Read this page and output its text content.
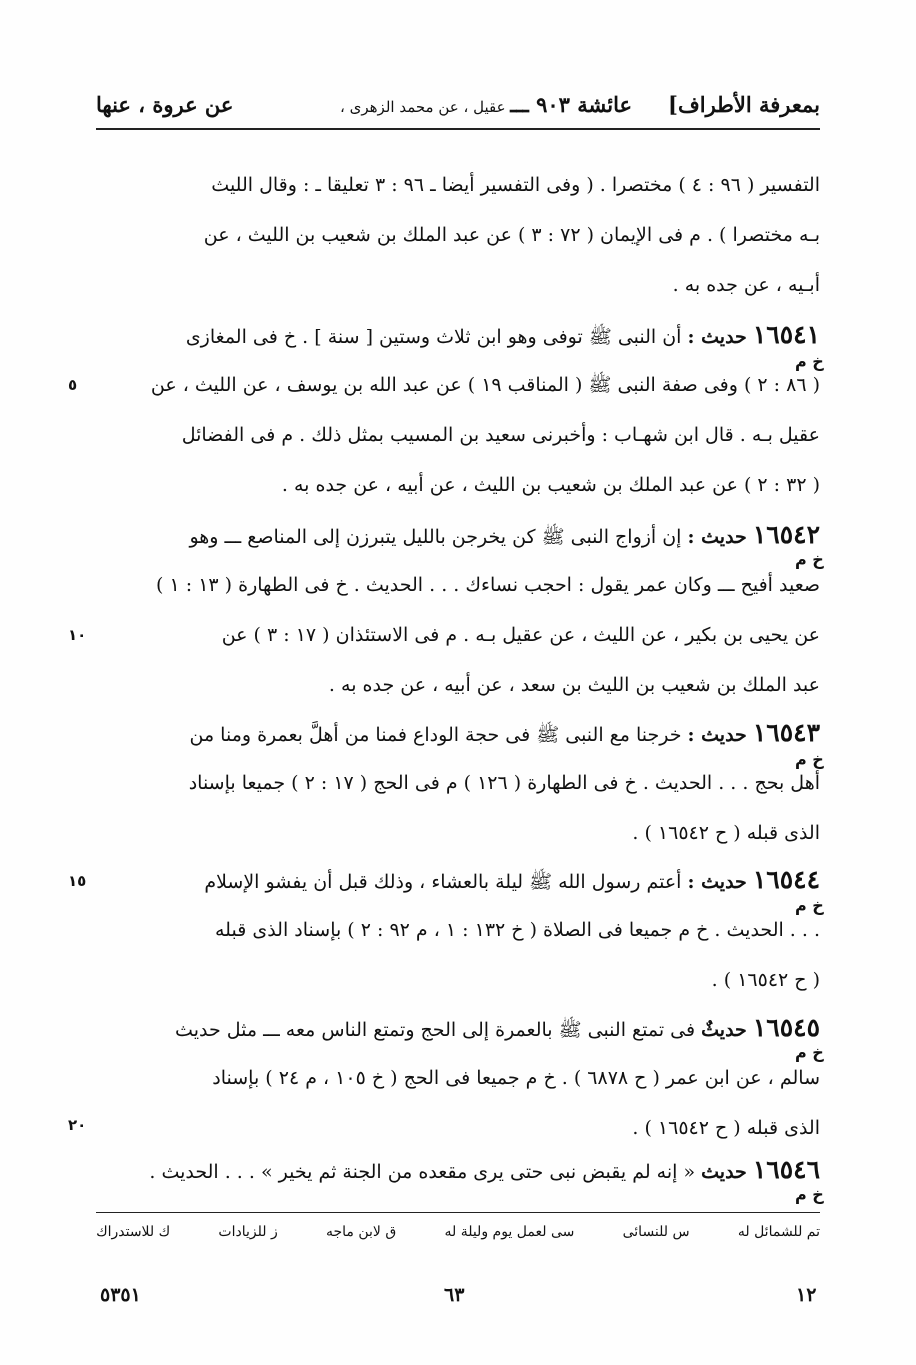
بمعرفة الأطراف]
عائشة ٩٠٣ ـــ عقيل ، عن محمد الزهرى ،
عن عروة ، عنها
التفسير ( ٩٦ : ٤ ) مختصرا . ( وفى التفسير أيضا ـ ٩٦ : ٣ تعليقا ـ : وقال الليث
بـه مختصرا ) . م فى الإيمان ( ٧٢ : ٣ ) عن عبد الملك بن شعيب بن الليث ، عن
أبـيه ، عن جده به .
١٦٥٤١ حديث : أن النبى ﷺ توفى وهو ابن ثلاث وستين [ سنة ] . خ فى المغازى
( ٨٦ : ٢ ) وفى صفة النبى ﷺ ( المناقب ١٩ ) عن عبد الله بن يوسف ، عن الليث ، عن
عقيل بـه . قال ابن شهـاب : وأخبرنى سعيد بن المسيب بمثل ذلك . م فى الفضائل
( ٣٢ : ٢ ) عن عبد الملك بن شعيب بن الليث ، عن أبيه ، عن جده به .
خ م
١٦٥٤٢ حديث : إن أزواج النبى ﷺ كن يخرجن بالليل يتبرزن إلى المناصع ـــ وهو
صعيد أفيح ـــ وكان عمر يقول : احجب نساءك . . . الحديث . خ فى الطهارة ( ١٣ : ١ )
عن يحيى بن بكير ، عن الليث ، عن عقيل بـه . م فى الاستئذان ( ١٧ : ٣ ) عن
عبد الملك بن شعيب بن الليث بن سعد ، عن أبيه ، عن جده به .
خ م
١٦٥٤٣ حديث : خرجنا مع النبى ﷺ فى حجة الوداع فمنا من أهلَّ بعمرة ومنا من
أهل بحج . . . الحديث . خ فى الطهارة ( ١٢٦ ) م فى الحج ( ١٧ : ٢ ) جميعا بإسناد
الذى قبله ( ح ١٦٥٤٢ ) .
خ م
١٦٥٤٤ حديث : أعتم رسول الله ﷺ ليلة بالعشاء ، وذلك قبل أن يفشو الإسلام
. . . الحديث . خ م جميعا فى الصلاة ( خ ١٣٢ : ١ ، م ٩٢ : ٢ ) بإسناد الذى قبله
( ح ١٦٥٤٢ ) .
خ م
١٦٥٤٥ حديثٌ فى تمتع النبى ﷺ بالعمرة إلى الحج وتمتع الناس معه ـــ مثل حديث
سالم ، عن ابن عمر ( ح ٦٨٧٨ ) . خ م جميعا فى الحج ( خ ١٠٥ ، م ٢٤ ) بإسناد
الذى قبله ( ح ١٦٥٤٢ ) .
خ م
١٦٥٤٦ حديث « إنه لم يقبض نبى حتى يرى مقعده من الجنة ثم يخير » . . . الحديث .
خ م
٥
١٠
١٥
٢٠
تم للشمائل له
س للنسائى
سى لعمل يوم وليلة له
ق لابن ماجه
ز للزيادات
ك للاستدراك
٥٣٥١	٦٣	١٢
